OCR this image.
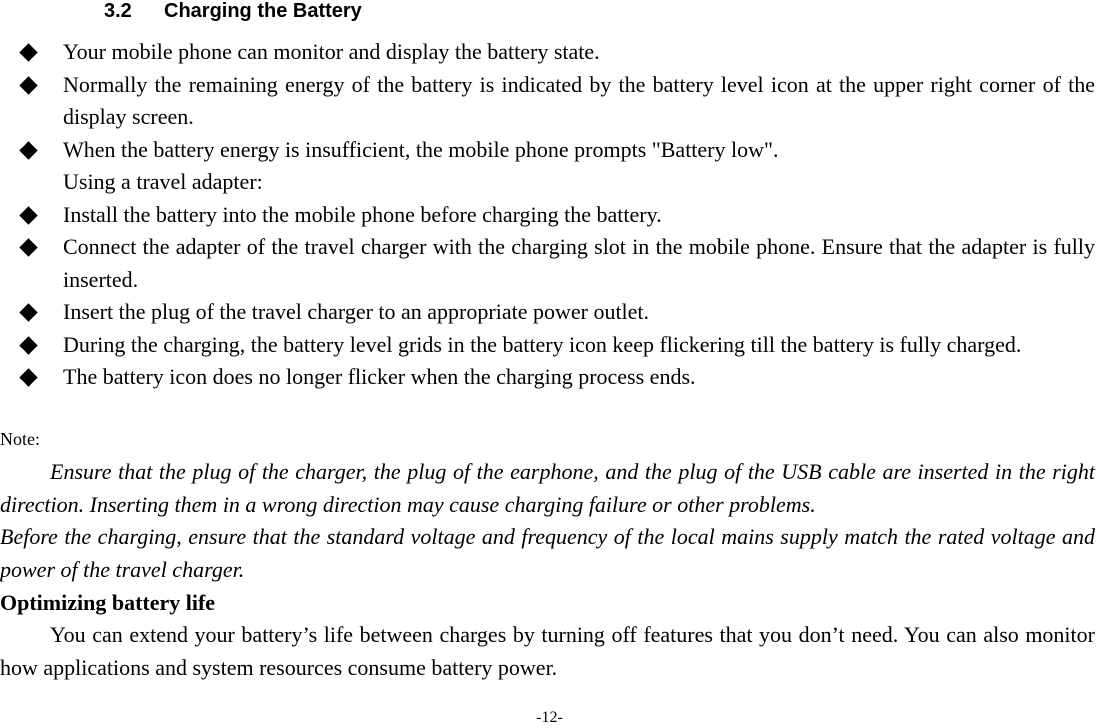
3.2 Charging the Battery
Your mobile phone can monitor and display the battery state.
Normally the remaining energy of the battery is indicated by the battery level icon at the upper right corner of the display screen.
When the battery energy is insufficient, the mobile phone prompts "Battery low".
Using a travel adapter:
Install the battery into the mobile phone before charging the battery.
Connect the adapter of the travel charger with the charging slot in the mobile phone. Ensure that the adapter is fully inserted.
Insert the plug of the travel charger to an appropriate power outlet.
During the charging, the battery level grids in the battery icon keep flickering till the battery is fully charged.
The battery icon does no longer flicker when the charging process ends.
Note:

Ensure that the plug of the charger, the plug of the earphone, and the plug of the USB cable are inserted in the right direction. Inserting them in a wrong direction may cause charging failure or other problems.

Before the charging, ensure that the standard voltage and frequency of the local mains supply match the rated voltage and power of the travel charger.

Optimizing battery life
You can extend your battery’s life between charges by turning off features that you don’t need. You can also monitor how applications and system resources consume battery power.
-12-
